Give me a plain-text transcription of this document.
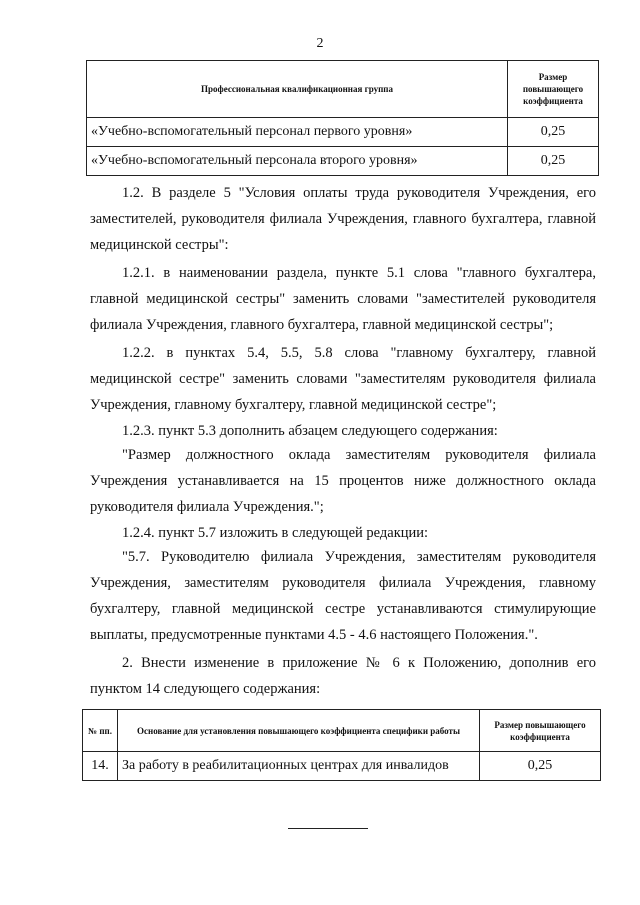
2
Профессиональная квалификационная группа	Размер повышающего коэффициента
«Учебно-вспомогательный персонал первого уровня»	0,25
«Учебно-вспомогательный персонала второго уровня»	0,25
1.2. В разделе 5 "Условия оплаты труда руководителя Учреждения, его заместителей, руководителя филиала Учреждения, главного бухгалтера, главной медицинской сестры":
1.2.1. в наименовании раздела, пункте 5.1 слова "главного бухгалтера, главной медицинской сестры" заменить словами "заместителей руководителя филиала Учреждения, главного бухгалтера, главной медицинской сестры";
1.2.2. в пунктах 5.4, 5.5, 5.8 слова "главному бухгалтеру, главной медицинской сестре" заменить словами "заместителям руководителя филиала Учреждения, главному бухгалтеру, главной медицинской сестре";
1.2.3. пункт 5.3 дополнить абзацем следующего содержания:
"Размер должностного оклада заместителям руководителя филиала Учреждения устанавливается на 15 процентов ниже должностного оклада руководителя филиала Учреждения.";
1.2.4. пункт 5.7 изложить в следующей редакции:
"5.7. Руководителю филиала Учреждения, заместителям руководителя Учреждения, заместителям руководителя филиала Учреждения, главному бухгалтеру, главной медицинской сестре устанавливаются стимулирующие выплаты, предусмотренные пунктами 4.5 - 4.6 настоящего Положения.".
2. Внести изменение в приложение № 6 к Положению, дополнив его пунктом 14 следующего содержания:
№ пп.	Основание для установления повышающего коэффициента специфики работы	Размер повышающего коэффициента
14.	За работу в реабилитационных центрах для инвалидов	0,25
